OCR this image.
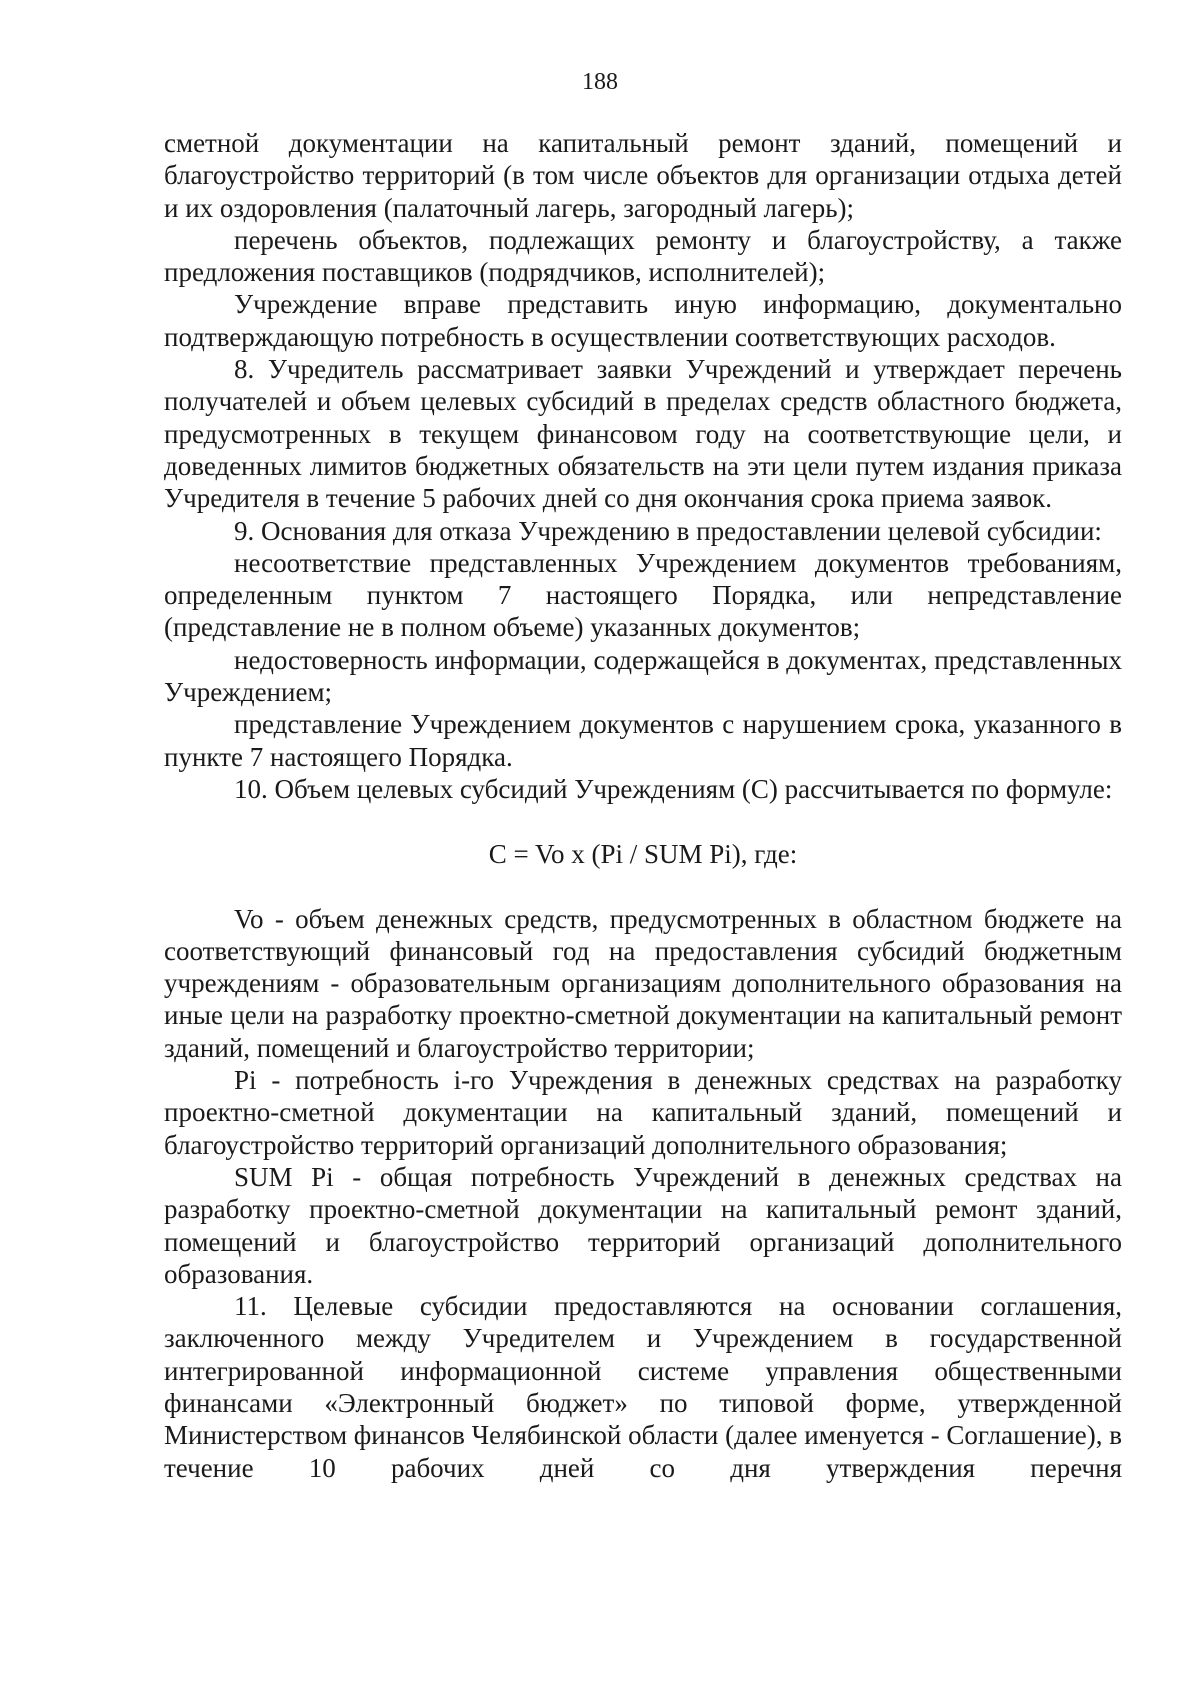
188

сметной документации на капитальный ремонт зданий, помещений и благоустройство территорий (в том числе объектов для организации отдыха детей и их оздоровления (палаточный лагерь, загородный лагерь);

перечень объектов, подлежащих ремонту и благоустройству, а также предложения поставщиков (подрядчиков, исполнителей);

Учреждение вправе представить иную информацию, документально подтверждающую потребность в осуществлении соответствующих расходов.

8. Учредитель рассматривает заявки Учреждений и утверждает перечень получателей и объем целевых субсидий в пределах средств областного бюджета, предусмотренных в текущем финансовом году на соответствующие цели, и доведенных лимитов бюджетных обязательств на эти цели путем издания приказа Учредителя в течение 5 рабочих дней со дня окончания срока приема заявок.

9. Основания для отказа Учреждению в предоставлении целевой субсидии:

несоответствие представленных Учреждением документов требованиям, определенным пунктом 7 настоящего Порядка, или непредставление (представление не в полном объеме) указанных документов;

недостоверность информации, содержащейся в документах, представленных Учреждением;

представление Учреждением документов с нарушением срока, указанного в пункте 7 настоящего Порядка.

10. Объем целевых субсидий Учреждениям (С) рассчитывается по формуле:

C = Vo x (Pi / SUM Pi), где:

Vo - объем денежных средств, предусмотренных в областном бюджете на соответствующий финансовый год на предоставления субсидий бюджетным учреждениям - образовательным организациям дополнительного образования на иные цели на разработку проектно-сметной документации на капитальный ремонт зданий, помещений и благоустройство территории;

Pi - потребность i-го Учреждения в денежных средствах на разработку проектно-сметной документации на капитальный зданий, помещений и благоустройство территорий организаций дополнительного образования;

SUM Pi - общая потребность Учреждений в денежных средствах на разработку проектно-сметной документации на капитальный ремонт зданий, помещений и благоустройство территорий организаций дополнительного образования.

11. Целевые субсидии предоставляются на основании соглашения, заключенного между Учредителем и Учреждением в государственной интегрированной информационной системе управления общественными финансами «Электронный бюджет» по типовой форме, утвержденной Министерством финансов Челябинской области (далее именуется - Соглашение), в течение 10 рабочих дней со дня утверждения перечня
